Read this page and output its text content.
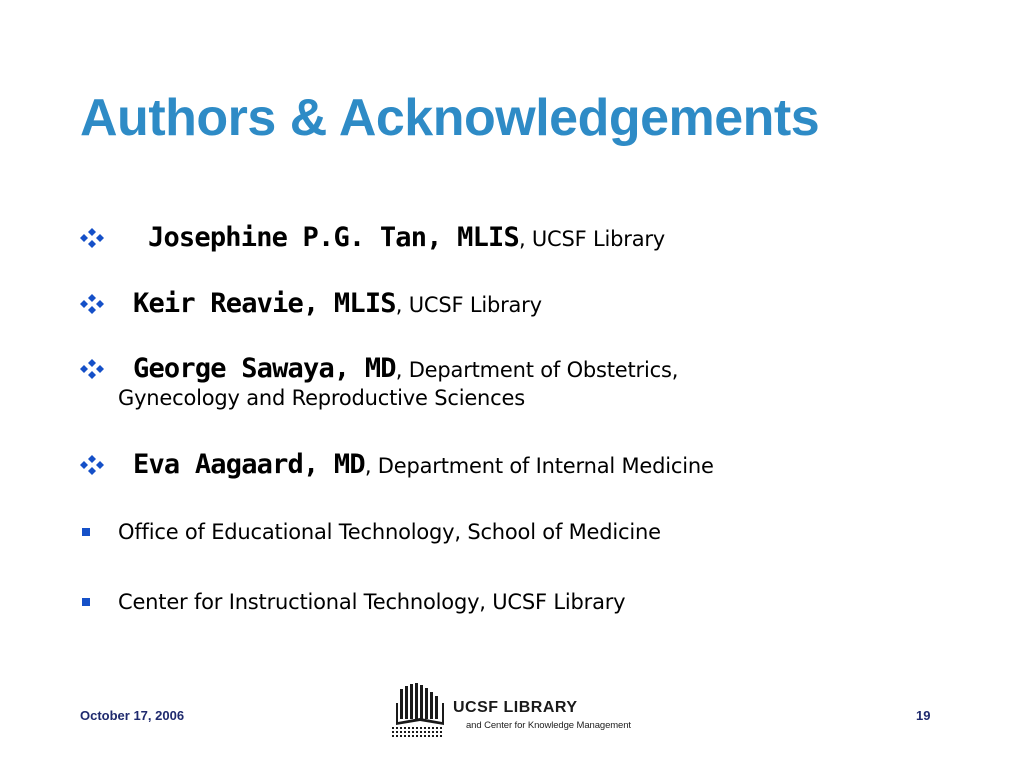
Authors & Acknowledgements
Josephine P.G. Tan, MLIS , UCSF Library
Keir Reavie, MLIS , UCSF Library
George Sawaya, MD , Department of Obstetrics,
Gynecology and Reproductive Sciences
Eva Aagaard, MD , Department of Internal Medicine
Office of Educational Technology, School of Medicine
Center for Instructional Technology, UCSF Library
October 17, 2006	UCSF LIBRARY
and Center for Knowledge Management
19
